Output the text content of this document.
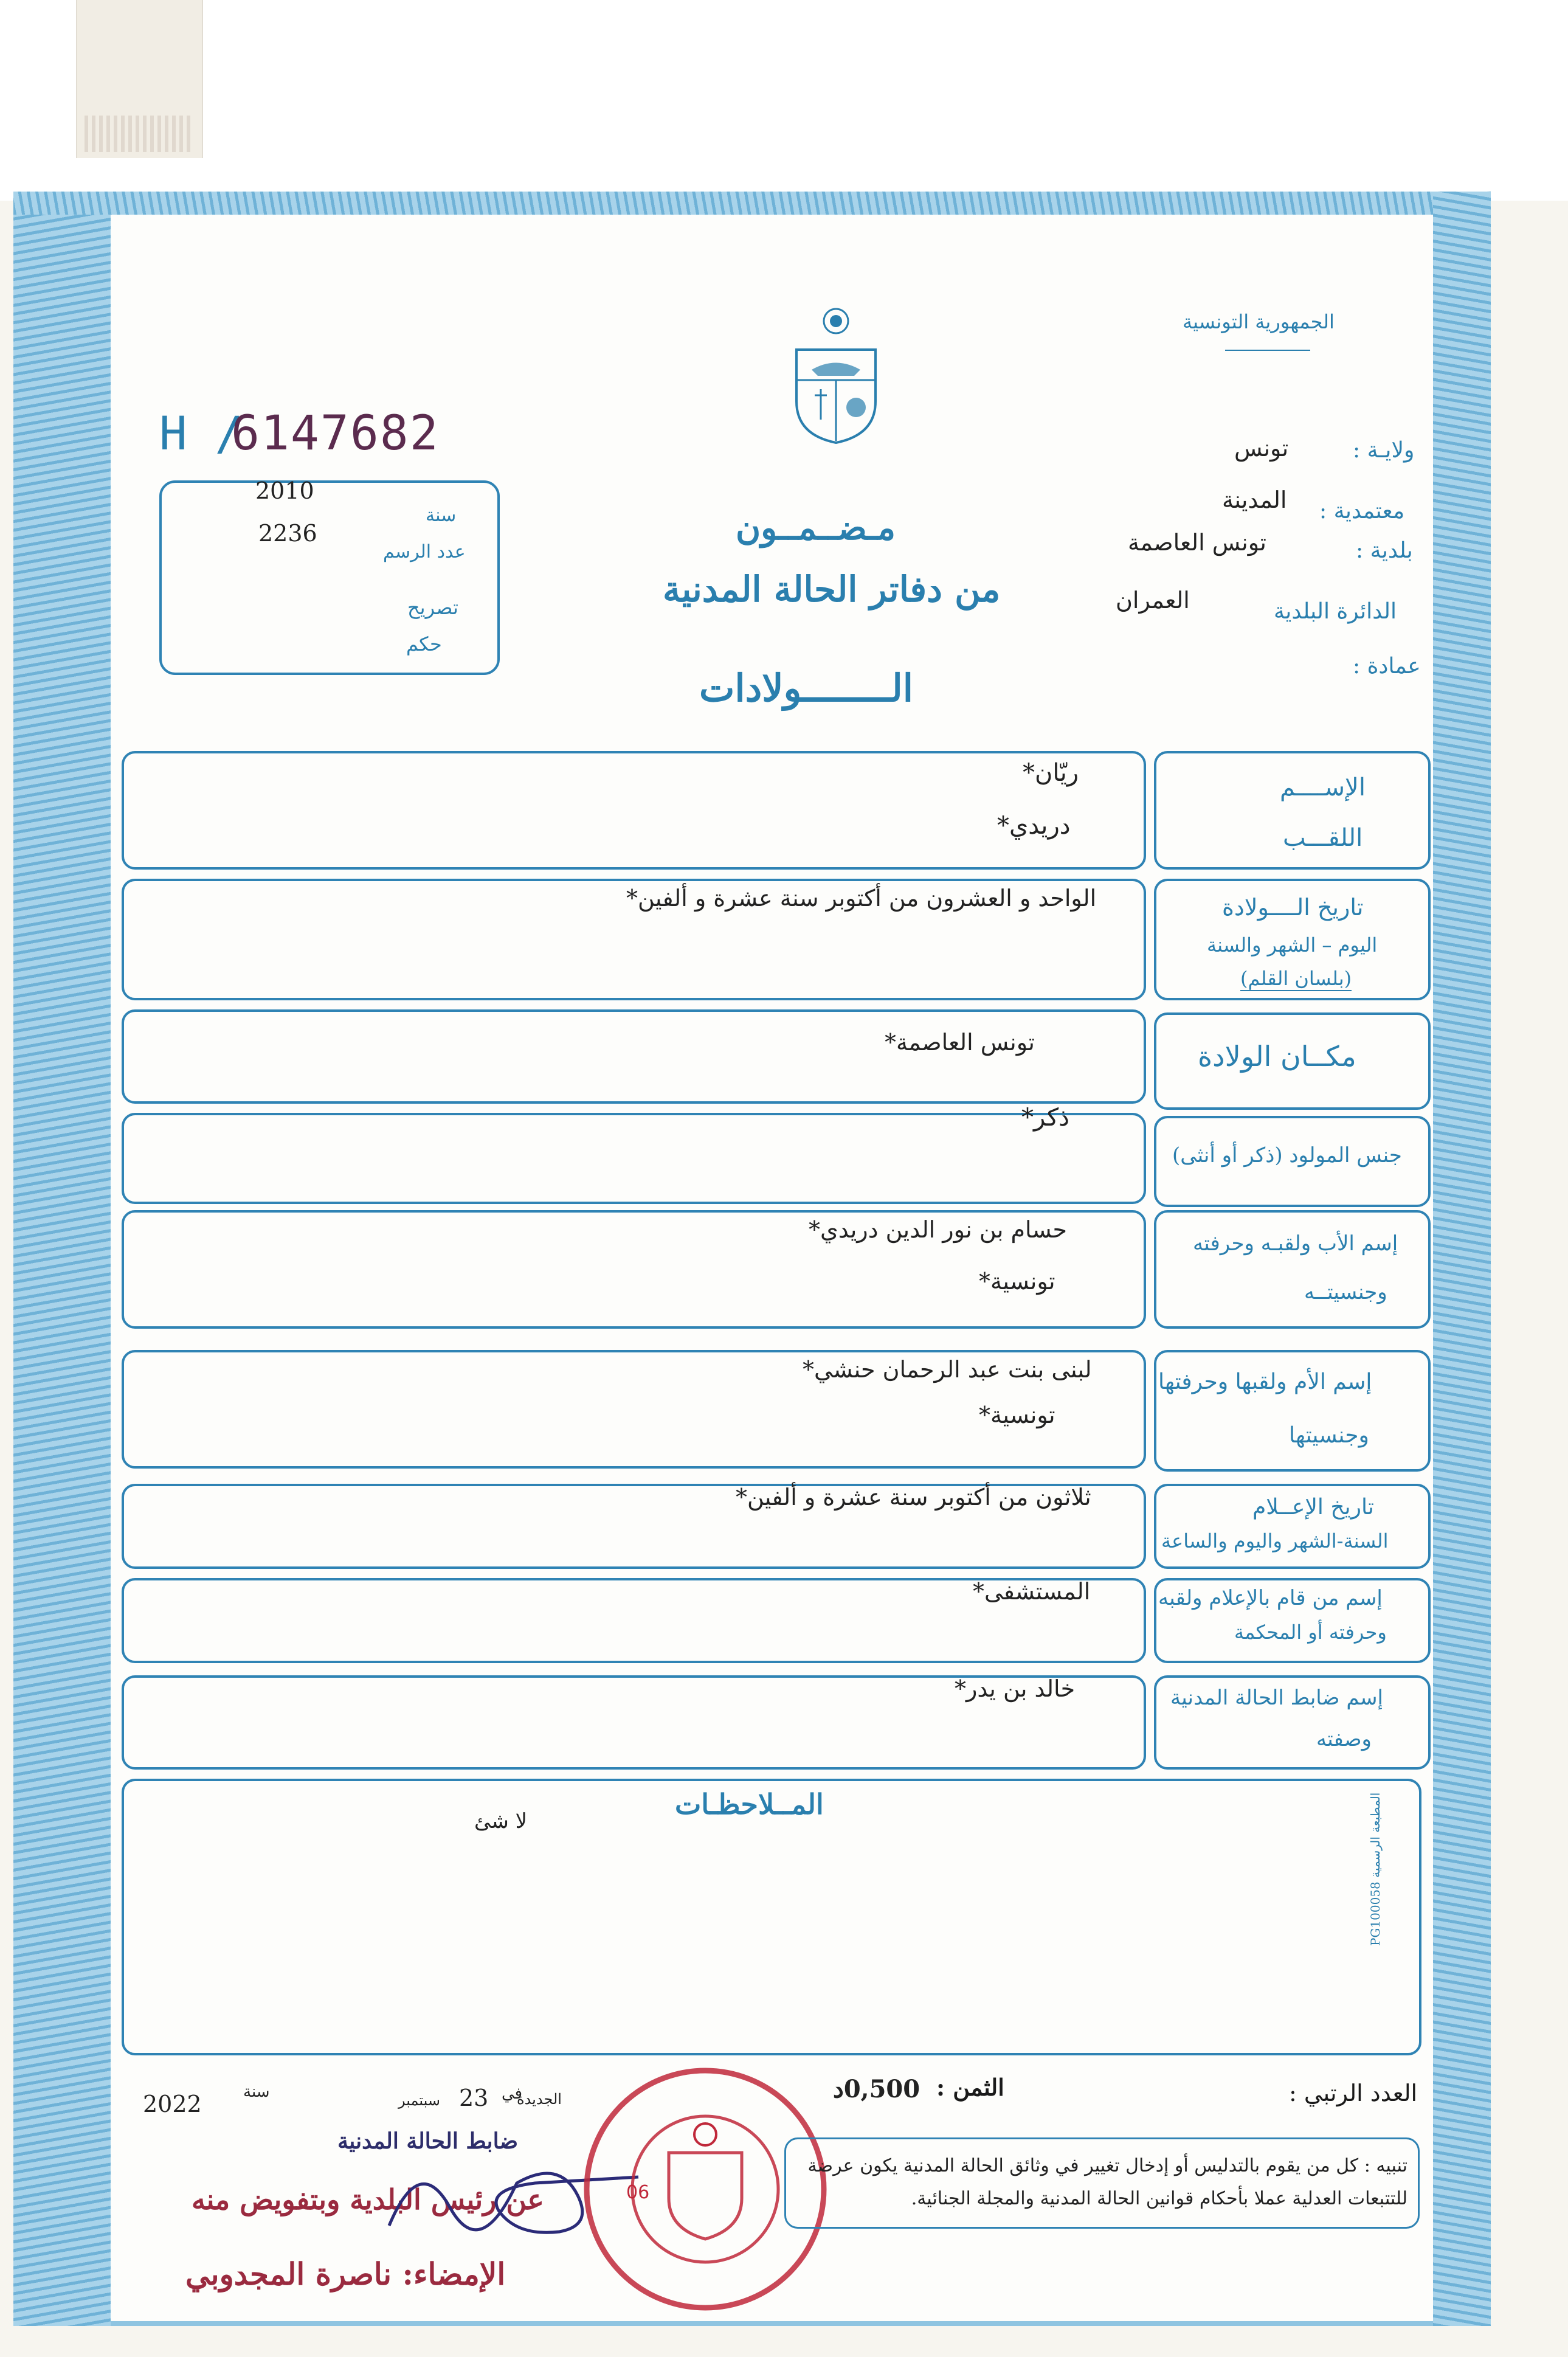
الجمهورية التونسية
H /
6147682
سنة
2010
عدد الرسم
2236
تصريح
حكم
مـضــمــون
من دفاتر الحالة المدنية
الــــــــولادات
ولايـة :
تونس
معتمدية :
المدينة
بلدية :
تونس العاصمة
الدائرة البلدية
العمران
عمادة :
الإســــم
اللقـــب
ريّان*
دريدي*
تاريخ الــــولادة
اليوم – الشهر والسنة
(بلسان القلم)
الواحد و العشرون من أكتوبر سنة عشرة و ألفين*
مكــان الولادة
تونس العاصمة*
جنس المولود (ذكر أو أنثى)
ذكر*
إسم الأب ولقبـه وحرفته
وجنسيتــه
حسام بن نور الدين دريدي*
تونسية*
إسم الأم ولقبها وحرفتها
وجنسيتها
لبنى بنت عبد الرحمان حنشي*
تونسية*
تاريخ الإعــلام
السنة-الشهر واليوم والساعة
ثلاثون من أكتوبر سنة عشرة و ألفين*
إسم من قام بالإعلام ولقبه
وحرفته أو المحكمة
المستشفى*
إسم ضابط الحالة المدنية
وصفته
خالد بن يدر*
المــلاحظـات
لا شئ
المطبعة الرسمية PG100058
العدد الرتبي :
الثمن :
0,500د
الجديدة
في
23
سبتمبر
سنة
2022
ضابط الحالة المدنية
عن رئيس البلدية وبتفويض منه
الإمضاء: ناصرة المجدوبي
06
تنبيه : كل من يقوم بالتدليس أو إدخال تغيير في وثائق الحالة المدنية يكون عرضة للتتبعات العدلية عملا بأحكام قوانين الحالة المدنية والمجلة الجنائية.
